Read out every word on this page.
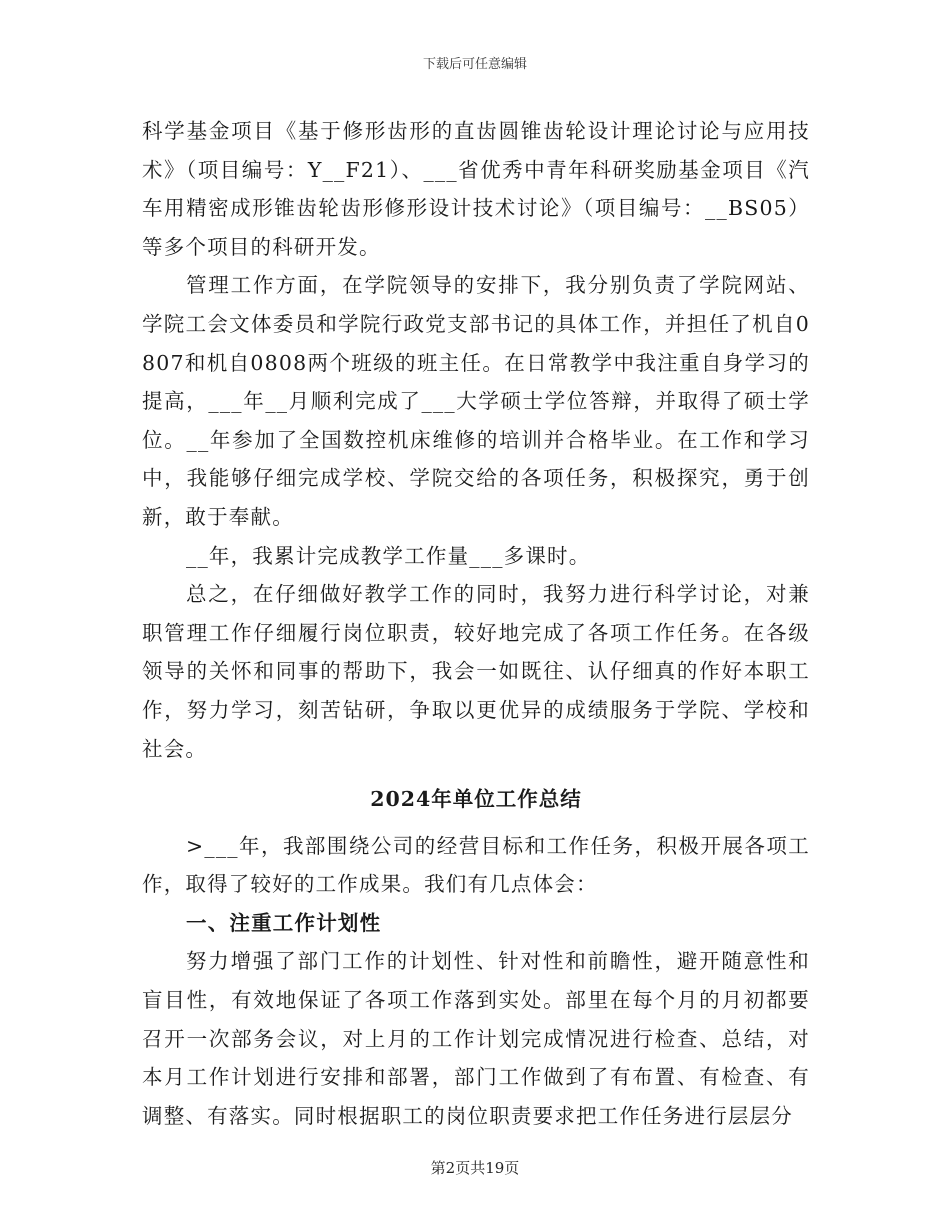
下载后可任意编辑

科学基金项目《基于修形齿形的直齿圆锥齿轮设计理论讨论与应用技术》（项目编号：Y__F21）、___省优秀中青年科研奖励基金项目《汽车用精密成形锥齿轮齿形修形设计技术讨论》（项目编号：__BS05）等多个项目的科研开发。

管理工作方面，在学院领导的安排下，我分别负责了学院网站、学院工会文体委员和学院行政党支部书记的具体工作，并担任了机自0807和机自0808两个班级的班主任。在日常教学中我注重自身学习的提高，___年__月顺利完成了___大学硕士学位答辩，并取得了硕士学位。__年参加了全国数控机床维修的培训并合格毕业。在工作和学习中，我能够仔细完成学校、学院交给的各项任务，积极探究，勇于创新，敢于奉献。

__年，我累计完成教学工作量___多课时。

总之，在仔细做好教学工作的同时，我努力进行科学讨论，对兼职管理工作仔细履行岗位职责，较好地完成了各项工作任务。在各级领导的关怀和同事的帮助下，我会一如既往、认仔细真的作好本职工作，努力学习，刻苦钻研，争取以更优异的成绩服务于学院、学校和社会。

2024年单位工作总结

>___年，我部围绕公司的经营目标和工作任务，积极开展各项工作，取得了较好的工作成果。我们有几点体会：

一、注重工作计划性

努力增强了部门工作的计划性、针对性和前瞻性，避开随意性和盲目性，有效地保证了各项工作落到实处。部里在每个月的月初都要召开一次部务会议，对上月的工作计划完成情况进行检查、总结，对本月工作计划进行安排和部署，部门工作做到了有布置、有检查、有调整、有落实。同时根据职工的岗位职责要求把工作任务进行层层分

第2页共19页
